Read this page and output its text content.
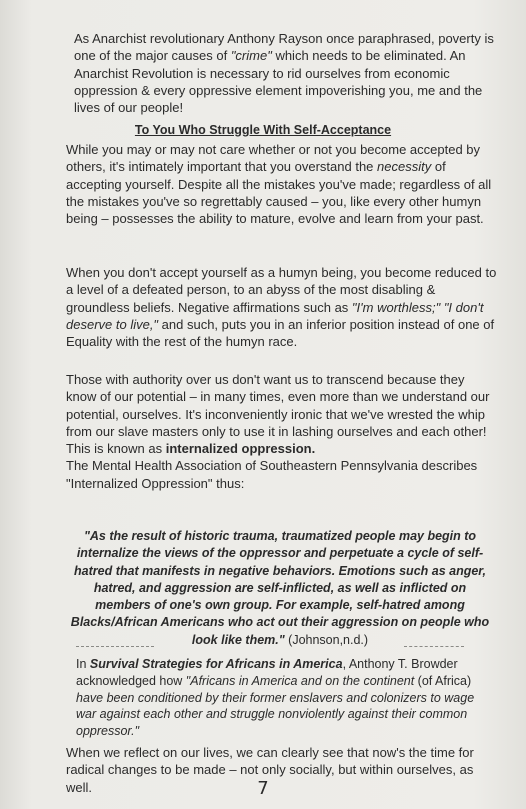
As Anarchist revolutionary Anthony Rayson once paraphrased, poverty is one of the major causes of "crime" which needs to be eliminated. An Anarchist Revolution is necessary to rid ourselves from economic oppression & every oppressive element impoverishing you, me and the lives of our people!

To You Who Struggle With Self-Acceptance

While you may or may not care whether or not you become accepted by others, it's intimately important that you overstand the necessity of accepting yourself. Despite all the mistakes you've made; regardless of all the mistakes you've so regrettably caused – you, like every other humyn being – possesses the ability to mature, evolve and learn from your past.

When you don't accept yourself as a humyn being, you become reduced to a level of a defeated person, to an abyss of the most disabling & groundless beliefs. Negative affirmations such as "I'm worthless;" "I don't deserve to live," and such, puts you in an inferior position instead of one of Equality with the rest of the humyn race.

Those with authority over us don't want us to transcend because they know of our potential – in many times, even more than we understand our potential, ourselves. It's inconveniently ironic that we've wrested the whip from our slave masters only to use it in lashing ourselves and each other!

This is known as internalized oppression.

The Mental Health Association of Southeastern Pennsylvania describes "Internalized Oppression" thus:

"As the result of historic trauma, traumatized people may begin to internalize the views of the oppressor and perpetuate a cycle of self-hatred that manifests in negative behaviors. Emotions such as anger, hatred, and aggression are self-inflicted, as well as inflicted on members of one's own group. For example, self-hatred among Blacks/African Americans who act out their aggression on people who look like them." (Johnson,n.d.)

In Survival Strategies for Africans in America, Anthony T. Browder acknowledged how "Africans in America and on the continent (of Africa) have been conditioned by their former enslavers and colonizers to wage war against each other and struggle nonviolently against their common oppressor."

When we reflect on our lives, we can clearly see that now's the time for radical changes to be made – not only socially, but within ourselves, as well.	7
